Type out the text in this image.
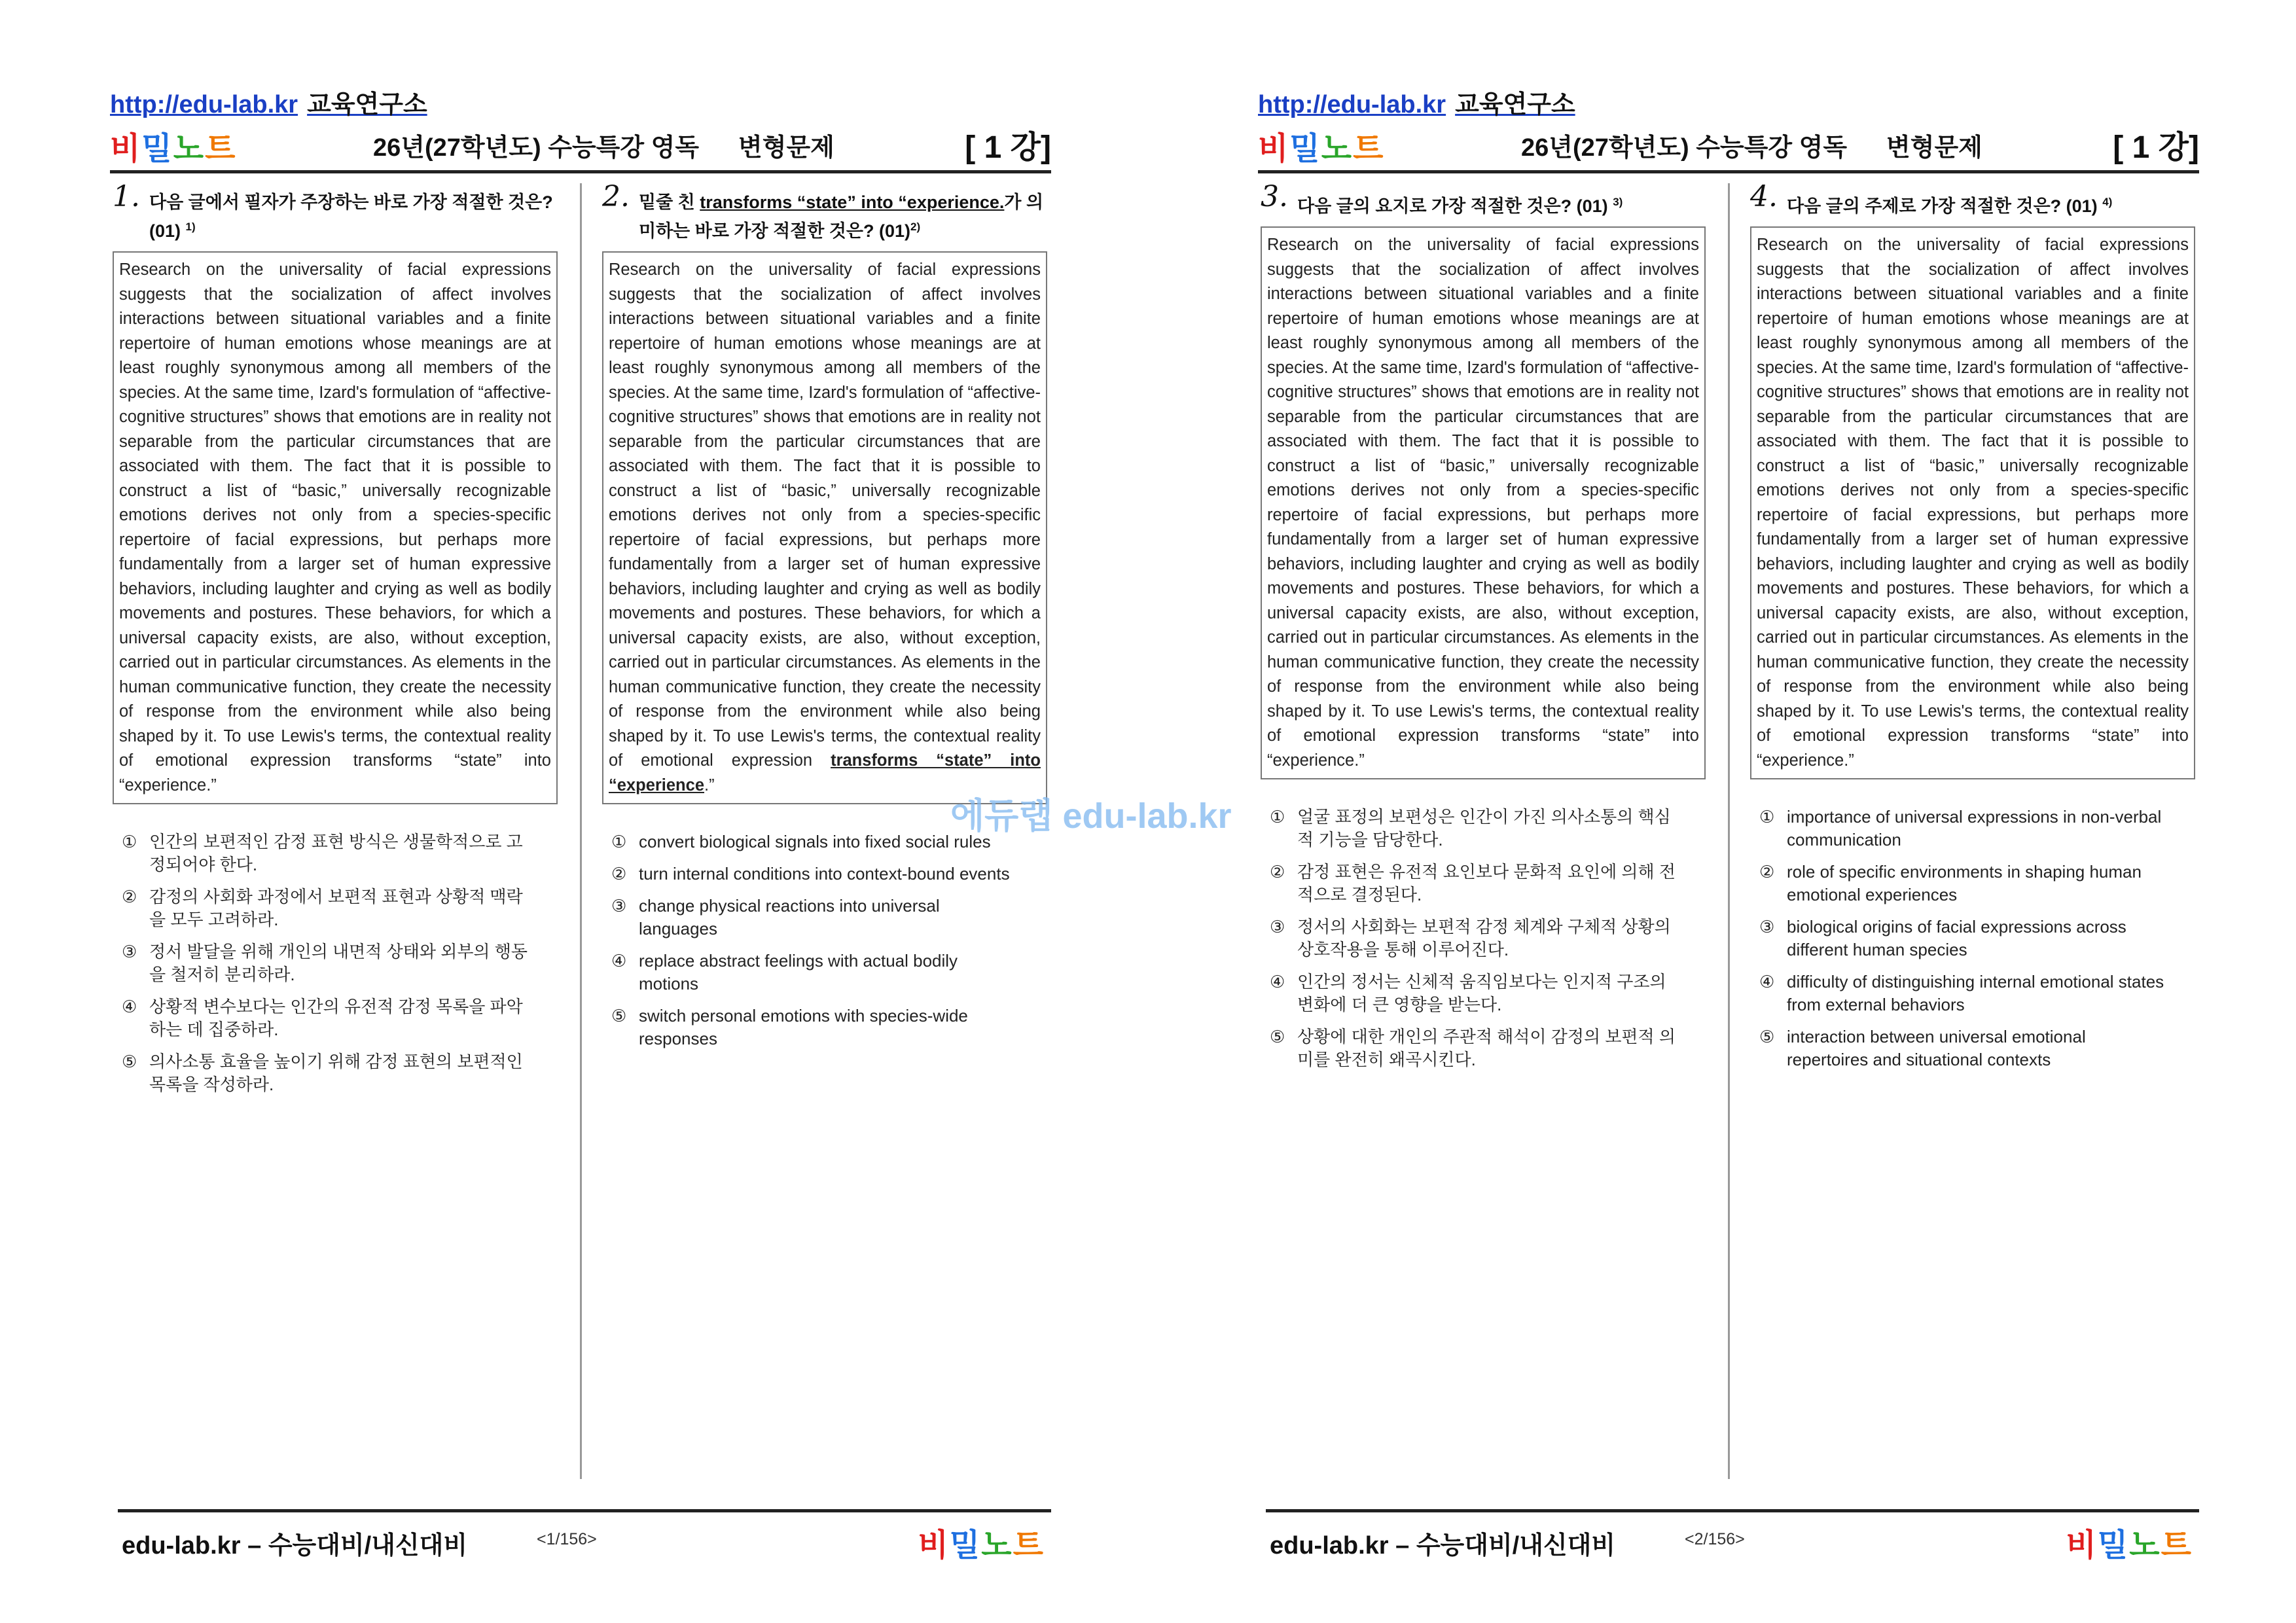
http://edu-lab.kr 교육연구소
비밀노트	26년(27학년도) 수능특강 영독 변형문제	[ 1 강]
1. 다음 글에서 필자가 주장하는 바로 가장 적절한 것은? (01) $^{1)}$
Research on the universality of facial expressions suggests that the socialization of affect involves interactions between situational variables and a finite repertoire of human emotions whose meanings are at least roughly synonymous among all members of the species. At the same time, Izard's formulation of “affective-cognitive structures” shows that emotions are in reality not separable from the particular circumstances that are associated with them. The fact that it is possible to construct a list of “basic,” universally recognizable emotions derives not only from a species-specific repertoire of facial expressions, but perhaps more fundamentally from a larger set of human expressive behaviors, including laughter and crying as well as bodily movements and postures. These behaviors, for which a universal capacity exists, are also, without exception, carried out in particular circumstances. As elements in the human communicative function, they create the necessity of response from the environment while also being shaped by it. To use Lewis's terms, the contextual reality of emotional expression transforms “state” into “experience.”
① 인간의 보편적인 감정 표현 방식은 생물학적으로 고정되어야 한다.
② 감정의 사회화 과정에서 보편적 표현과 상황적 맥락을 모두 고려하라.
③ 정서 발달을 위해 개인의 내면적 상태와 외부의 행동을 철저히 분리하라.
④ 상황적 변수보다는 인간의 유전적 감정 목록을 파악하는 데 집중하라.
⑤ 의사소통 효율을 높이기 위해 감정 표현의 보편적인 목록을 작성하라.
2. 밑줄 친 transforms “state” into “experience.가 의미하는 바로 가장 적절한 것은? $(01)^{2)}$
Research on the universality of facial expressions suggests that the socialization of affect involves interactions between situational variables and a finite repertoire of human emotions whose meanings are at least roughly synonymous among all members of the species. At the same time, Izard's formulation of “affective-cognitive structures” shows that emotions are in reality not separable from the particular circumstances that are associated with them. The fact that it is possible to construct a list of “basic,” universally recognizable emotions derives not only from a species-specific repertoire of facial expressions, but perhaps more fundamentally from a larger set of human expressive behaviors, including laughter and crying as well as bodily movements and postures. These behaviors, for which a universal capacity exists, are also, without exception, carried out in particular circumstances. As elements in the human communicative function, they create the necessity of response from the environment while also being shaped by it. To use Lewis's terms, the contextual reality of emotional expression transforms “state” into “experience.”
① convert biological signals into fixed social rules
② turn internal conditions into context-bound events
③ change physical reactions into universal languages
④ replace abstract feelings with actual bodily motions
⑤ switch personal emotions with species-wide responses
edu-lab.kr – 수능대비/내신대비	<1/156>	비밀노트
http://edu-lab.kr 교육연구소
비밀노트	26년(27학년도) 수능특강 영독 변형문제	[ 1 강]
3. 다음 글의 요지로 가장 적절한 것은? (01) $^{3)}$
Research on the universality of facial expressions suggests that the socialization of affect involves interactions between situational variables and a finite repertoire of human emotions whose meanings are at least roughly synonymous among all members of the species. At the same time, Izard's formulation of “affective-cognitive structures” shows that emotions are in reality not separable from the particular circumstances that are associated with them. The fact that it is possible to construct a list of “basic,” universally recognizable emotions derives not only from a species-specific repertoire of facial expressions, but perhaps more fundamentally from a larger set of human expressive behaviors, including laughter and crying as well as bodily movements and postures. These behaviors, for which a universal capacity exists, are also, without exception, carried out in particular circumstances. As elements in the human communicative function, they create the necessity of response from the environment while also being shaped by it. To use Lewis's terms, the contextual reality of emotional expression transforms “state” into “experience.”
① 얼굴 표정의 보편성은 인간이 가진 의사소통의 핵심적 기능을 담당한다.
② 감정 표현은 유전적 요인보다 문화적 요인에 의해 전적으로 결정된다.
③ 정서의 사회화는 보편적 감정 체계와 구체적 상황의 상호작용을 통해 이루어진다.
④ 인간의 정서는 신체적 움직임보다는 인지적 구조의 변화에 더 큰 영향을 받는다.
⑤ 상황에 대한 개인의 주관적 해석이 감정의 보편적 의미를 완전히 왜곡시킨다.
4. 다음 글의 주제로 가장 적절한 것은? (01) $^{4)}$
Research on the universality of facial expressions suggests that the socialization of affect involves interactions between situational variables and a finite repertoire of human emotions whose meanings are at least roughly synonymous among all members of the species. At the same time, Izard's formulation of “affective-cognitive structures” shows that emotions are in reality not separable from the particular circumstances that are associated with them. The fact that it is possible to construct a list of “basic,” universally recognizable emotions derives not only from a species-specific repertoire of facial expressions, but perhaps more fundamentally from a larger set of human expressive behaviors, including laughter and crying as well as bodily movements and postures. These behaviors, for which a universal capacity exists, are also, without exception, carried out in particular circumstances. As elements in the human communicative function, they create the necessity of response from the environment while also being shaped by it. To use Lewis's terms, the contextual reality of emotional expression transforms “state” into “experience.”
① importance of universal expressions in non-verbal communication
② role of specific environments in shaping human emotional experiences
③ biological origins of facial expressions across different human species
④ difficulty of distinguishing internal emotional states from external behaviors
⑤ interaction between universal emotional repertoires and situational contexts
edu-lab.kr – 수능대비/내신대비	<2/156>	비밀노트
에듀랩 edu-lab.kr
